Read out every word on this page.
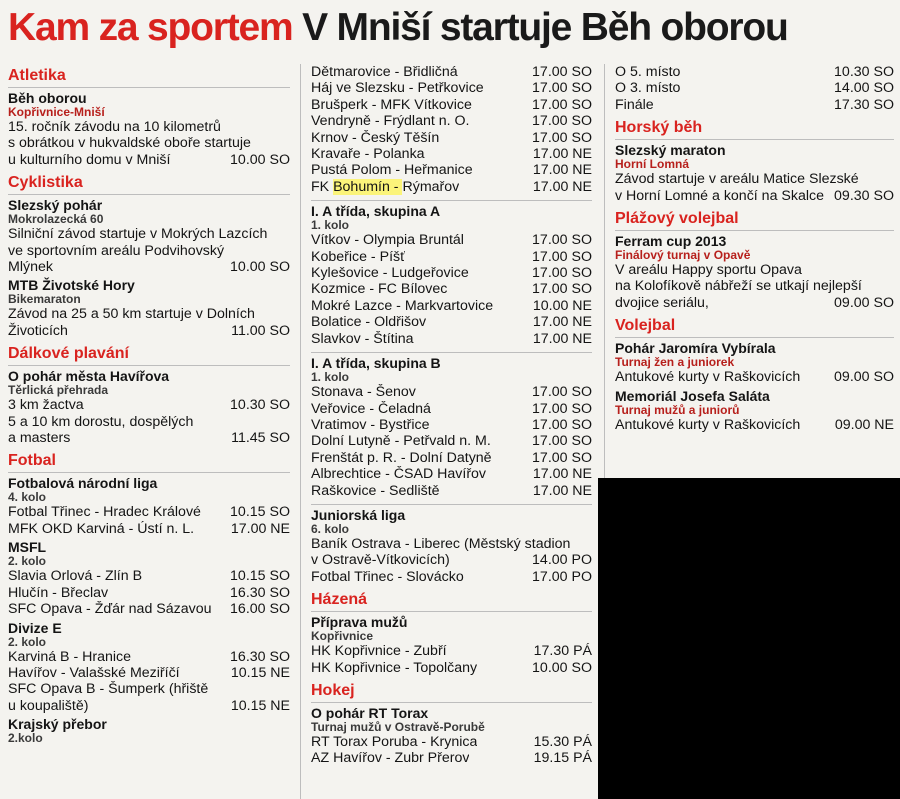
Kam za sportem V Mniší startuje Běh oborou
Atletika
Běh oborou
Kopřivnice-Mniší
15. ročník závodu na 10 kilometrů
s obrátkou v hukvaldské oboře startuje
u kulturního domu v Mniší	10.00 SO
Cyklistika
Slezský pohár
Mokrolazecká 60
Silniční závod startuje v Mokrých Lazcích
ve sportovním areálu Podvihovský
Mlýnek	10.00 SO
MTB Životské Hory
Bikemaraton
Závod na 25 a 50 km startuje v Dolních
Životicích	11.00 SO
Dálkové plavání
O pohár města Havířova
Těrlická přehrada
3 km žactva	10.30 SO
5 a 10 km dorostu, dospělých
a masters	11.45 SO
Fotbal
Fotbalová národní liga
4. kolo
Fotbal Třinec - Hradec Králové	10.15 SO
MFK OKD Karviná - Ústí n. L.	17.00 NE
MSFL
2. kolo
Slavia Orlová - Zlín B	10.15 SO
Hlučín - Břeclav	16.30 SO
SFC Opava - Žďár nad Sázavou	16.00 SO
Divize E
2. kolo
Karviná B - Hranice	16.30 SO
Havířov - Valašské Meziříčí	10.15 NE
SFC Opava B - Šumperk (hřiště
u koupaliště)	10.15 NE
Krajský přebor
2.kolo
Dětmarovice - Břidličná	17.00 SO
Háj ve Slezsku - Petřkovice	17.00 SO
Brušperk - MFK Vítkovice	17.00 SO
Vendryně - Frýdlant n. O.	17.00 SO
Krnov - Český Těšín	17.00 SO
Kravaře - Polanka	17.00 NE
Pustá Polom - Heřmanice	17.00 NE
FK Bohumín - Rýmařov	17.00 NE
I. A třída, skupina A
1. kolo
Vítkov - Olympia Bruntál	17.00 SO
Kobeřice - Píšť	17.00 SO
Kylešovice - Ludgeřovice	17.00 SO
Kozmice - FC Bílovec	17.00 SO
Mokré Lazce - Markvartovice	10.00 NE
Bolatice - Oldřišov	17.00 NE
Slavkov - Štítina	17.00 NE
I. A třída, skupina B
1. kolo
Stonava - Šenov	17.00 SO
Veřovice - Čeladná	17.00 SO
Vratimov - Bystřice	17.00 SO
Dolní Lutyně - Petřvald n. M.	17.00 SO
Frenštát p. R. - Dolní Datyně	17.00 SO
Albrechtice - ČSAD Havířov	17.00 NE
Raškovice - Sedliště	17.00 NE
Juniorská liga
6. kolo
Baník Ostrava - Liberec (Městský stadion
v Ostravě-Vítkovicích)	14.00 PO
Fotbal Třinec - Slovácko	17.00 PO
Házená
Příprava mužů
Kopřivnice
HK Kopřivnice - Zubří	17.30 PÁ
HK Kopřivnice - Topolčany	10.00 SO
Hokej
O pohár RT Torax
Turnaj mužů v Ostravě-Porubě
RT Torax Poruba - Krynica	15.30 PÁ
AZ Havířov - Zubr Přerov	19.15 PÁ
O 5. místo	10.30 SO
O 3. místo	14.00 SO
Finále	17.30 SO
Horský běh
Slezský maraton
Horní Lomná
Závod startuje v areálu Matice Slezské
v Horní Lomné a končí na Skalce 09.30 SO
Plážový volejbal
Ferram cup 2013
Finálový turnaj v Opavě
V areálu Happy sportu Opava
na Kolofíkově nábřeží se utkají nejlepší
dvojice seriálu,	09.00 SO
Volejbal
Pohár Jaromíra Vybírala
Turnaj žen a juniorek
Antukové kurty v Raškovicích	09.00 SO
Memoriál Josefa Saláta
Turnaj mužů a juniorů
Antukové kurty v Raškovicích	09.00 NE
